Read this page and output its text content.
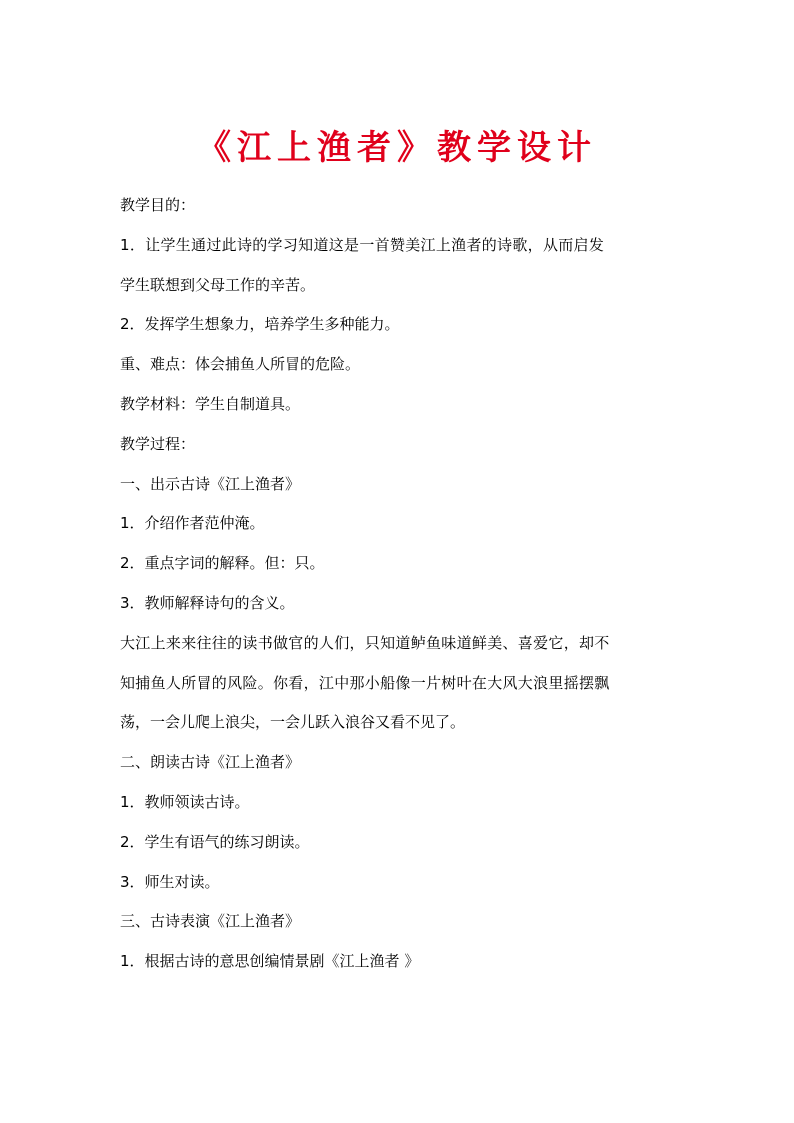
《江上渔者》教学设计
教学目的：
1．让学生通过此诗的学习知道这是一首赞美江上渔者的诗歌，从而启发
学生联想到父母工作的辛苦。
2．发挥学生想象力，培养学生多种能力。
重、难点：体会捕鱼人所冒的危险。
教学材料：学生自制道具。
教学过程：
一、出示古诗《江上渔者》
1．介绍作者范仲淹。
2．重点字词的解释。但：只。
3．教师解释诗句的含义。
大江上来来往往的读书做官的人们，只知道鲈鱼味道鲜美、喜爱它，却不
知捕鱼人所冒的风险。你看，江中那小船像一片树叶在大风大浪里摇摆飘
荡，一会儿爬上浪尖，一会儿跃入浪谷又看不见了。
二、朗读古诗《江上渔者》
1．教师领读古诗。
2．学生有语气的练习朗读。
3．师生对读。
三、古诗表演《江上渔者》
1．根据古诗的意思创编情景剧《江上渔者 》
